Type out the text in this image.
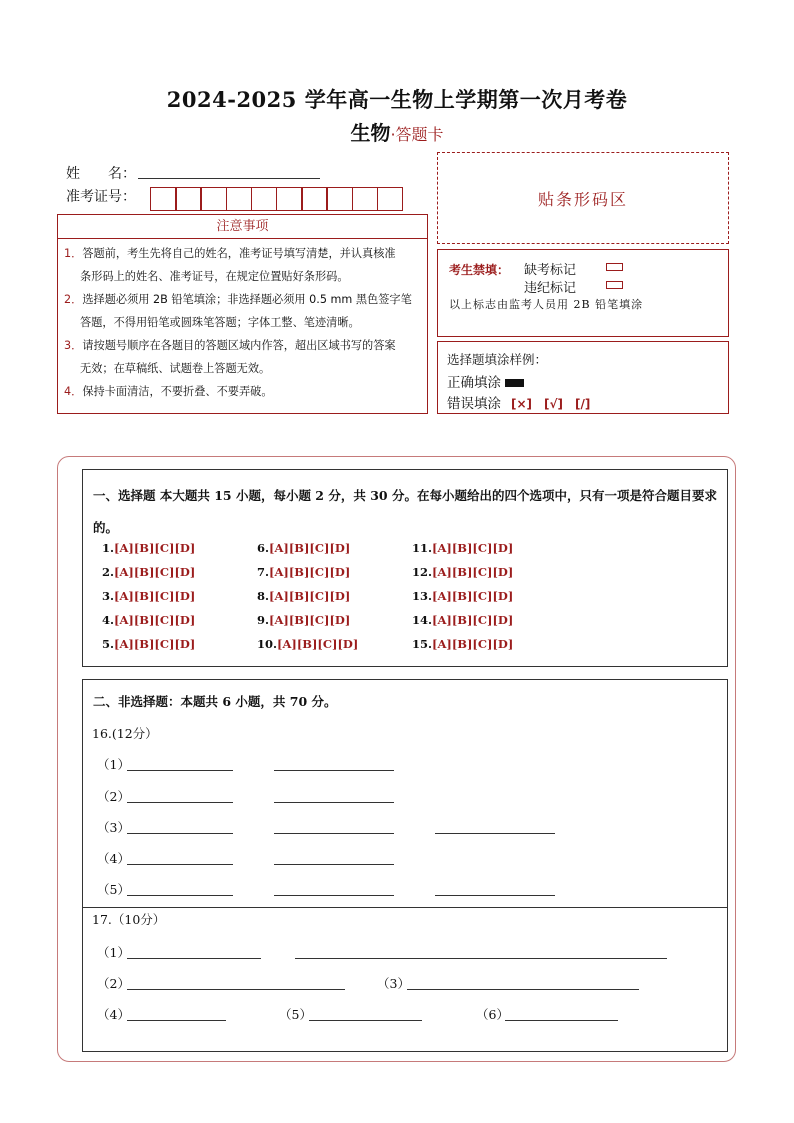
2024-2025 学年高一生物上学期第一次月考卷
生物·答题卡
姓　　名：
准考证号：	贴条形码区
注意事项
1．答题前，考生先将自己的姓名，准考证号填写清楚，并认真核准
条形码上的姓名、准考证号，在规定位置贴好条形码。
2．选择题必须用 2B 铅笔填涂；非选择题必须用 0.5 mm 黑色签字笔
答题，不得用铅笔或圆珠笔答题；字体工整、笔迹清晰。
3．请按题号顺序在各题目的答题区域内作答，超出区域书写的答案
无效；在草稿纸、试题卷上答题无效。
4．保持卡面清洁，不要折叠、不要弄破。
考生禁填： 缺考标记
违纪标记
以上标志由监考人员用 2B 铅笔填涂
选择题填涂样例：
正确填涂
错误填涂 [×]　[√]　[/]
一、选择题 本大题共 15 小题，每小题 2 分，共 30 分。在每小题给出的四个选项中，只有一项是符合题目要求的。
1.[A][B][C][D]
2.[A][B][C][D]
3.[A][B][C][D]
4.[A][B][C][D]
5.[A][B][C][D]
6.[A][B][C][D]
7.[A][B][C][D]
8.[A][B][C][D]
9.[A][B][C][D]
10.[A][B][C][D]
11.[A][B][C][D]
12.[A][B][C][D]
13.[A][B][C][D]
14.[A][B][C][D]
15.[A][B][C][D]
二、非选择题：本题共 6 小题，共 70 分。
16.(12分）
（1）
（2）
（3）
（4）
（5）
17.（10分）
（1）
（2）	（3）
（4）	（5）	（6）
